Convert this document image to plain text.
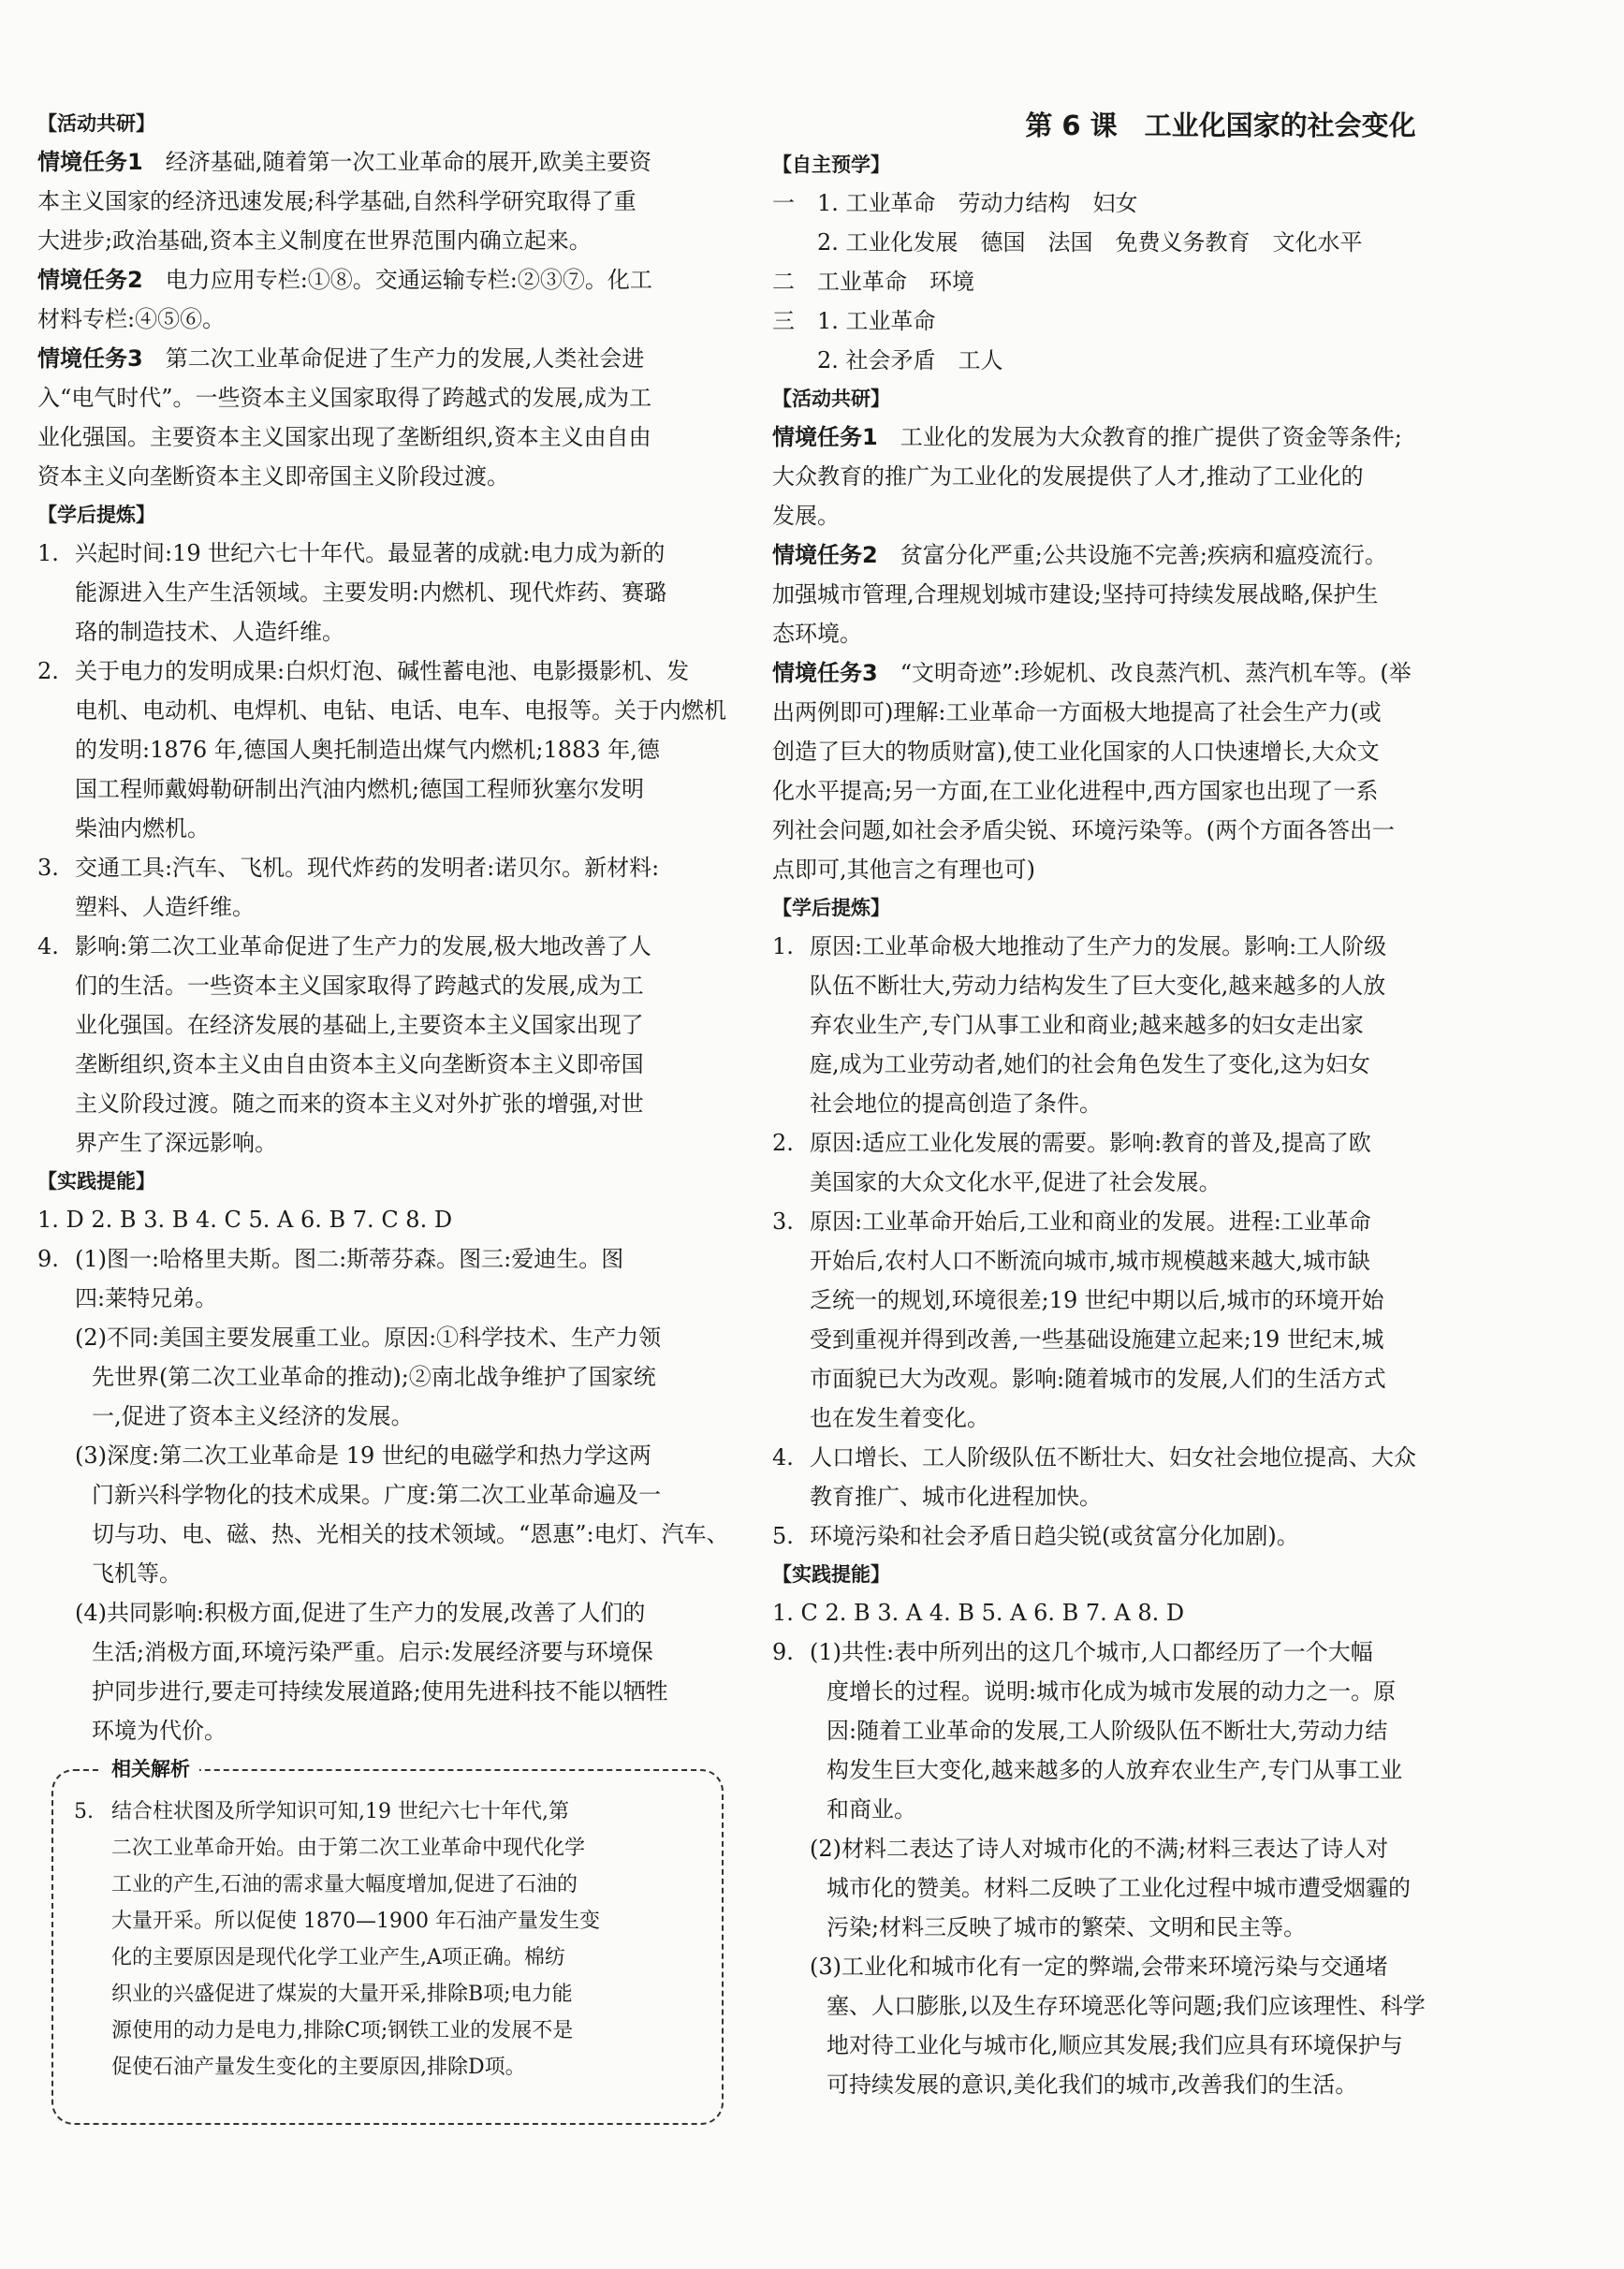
【活动共研】
情境任务1　 经济基础,随着第一次工业革命的展开,欧美主要资
本主义国家的经济迅速发展;科学基础,自然科学研究取得了重
大进步;政治基础,资本主义制度在世界范围内确立起来。
情境任务2　 电力应用专栏:①⑧。交通运输专栏:②③⑦。化工
材料专栏:④⑤⑥。
情境任务3　 第二次工业革命促进了生产力的发展,人类社会进
入“电气时代”。一些资本主义国家取得了跨越式的发展,成为工
业化强国。主要资本主义国家出现了垄断组织,资本主义由自由
资本主义向垄断资本主义即帝国主义阶段过渡。
【学后提炼】
1. 兴起时间:19 世纪六七十年代。最显著的成就:电力成为新的
能源进入生产生活领域。主要发明:内燃机、现代炸药、赛璐
珞的制造技术、人造纤维。
2. 关于电力的发明成果:白炽灯泡、碱性蓄电池、电影摄影机、发
电机、电动机、电焊机、电钻、电话、电车、电报等。关于内燃机
的发明:1876 年,德国人奥托制造出煤气内燃机;1883 年,德
国工程师戴姆勒研制出汽油内燃机;德国工程师狄塞尔发明
柴油内燃机。
3. 交通工具:汽车、飞机。现代炸药的发明者:诺贝尔。新材料:
塑料、人造纤维。
4. 影响:第二次工业革命促进了生产力的发展,极大地改善了人
们的生活。一些资本主义国家取得了跨越式的发展,成为工
业化强国。在经济发展的基础上,主要资本主义国家出现了
垄断组织,资本主义由自由资本主义向垄断资本主义即帝国
主义阶段过渡。随之而来的资本主义对外扩张的增强,对世
界产生了深远影响。
【实践提能】
1. D 2. B 3. B 4. C 5. A 6. B 7. C 8. D
9. (1)图一:哈格里夫斯。图二:斯蒂芬森。图三:爱迪生。图
四:莱特兄弟。
(2)不同:美国主要发展重工业。原因:①科学技术、生产力领
先世界(第二次工业革命的推动);②南北战争维护了国家统
一,促进了资本主义经济的发展。
(3)深度:第二次工业革命是 19 世纪的电磁学和热力学这两
门新兴科学物化的技术成果。广度:第二次工业革命遍及一
切与功、电、磁、热、光相关的技术领域。“恩惠”:电灯、汽车、
飞机等。
(4)共同影响:积极方面,促进了生产力的发展,改善了人们的
生活;消极方面,环境污染严重。启示:发展经济要与环境保
护同步进行,要走可持续发展道路;使用先进科技不能以牺牲
环境为代价。
相关解析
5. 结合柱状图及所学知识可知,19 世纪六七十年代,第
二次工业革命开始。由于第二次工业革命中现代化学
工业的产生,石油的需求量大幅度增加,促进了石油的
大量开采。所以促使 1870—1900 年石油产量发生变
化的主要原因是现代化学工业产生,A项正确。棉纺
织业的兴盛促进了煤炭的大量开采,排除B项;电力能
源使用的动力是电力,排除C项;钢铁工业的发展不是
促使石油产量发生变化的主要原因,排除D项。
第 6 课　工业化国家的社会变化
【自主预学】
一　1. 工业革命　劳动力结构　妇女
　　2. 工业化发展　德国　法国　免费义务教育　文化水平
二　工业革命　环境
三　1. 工业革命
　　2. 社会矛盾　工人
【活动共研】
情境任务1　 工业化的发展为大众教育的推广提供了资金等条件;
大众教育的推广为工业化的发展提供了人才,推动了工业化的
发展。
情境任务2　 贫富分化严重;公共设施不完善;疾病和瘟疫流行。
加强城市管理,合理规划城市建设;坚持可持续发展战略,保护生
态环境。
情境任务3　 “文明奇迹”:珍妮机、改良蒸汽机、蒸汽机车等。(举
出两例即可)理解:工业革命一方面极大地提高了社会生产力(或
创造了巨大的物质财富),使工业化国家的人口快速增长,大众文
化水平提高;另一方面,在工业化进程中,西方国家也出现了一系
列社会问题,如社会矛盾尖锐、环境污染等。(两个方面各答出一
点即可,其他言之有理也可)
【学后提炼】
1. 原因:工业革命极大地推动了生产力的发展。影响:工人阶级
队伍不断壮大,劳动力结构发生了巨大变化,越来越多的人放
弃农业生产,专门从事工业和商业;越来越多的妇女走出家
庭,成为工业劳动者,她们的社会角色发生了变化,这为妇女
社会地位的提高创造了条件。
2. 原因:适应工业化发展的需要。影响:教育的普及,提高了欧
美国家的大众文化水平,促进了社会发展。
3. 原因:工业革命开始后,工业和商业的发展。进程:工业革命
开始后,农村人口不断流向城市,城市规模越来越大,城市缺
乏统一的规划,环境很差;19 世纪中期以后,城市的环境开始
受到重视并得到改善,一些基础设施建立起来;19 世纪末,城
市面貌已大为改观。影响:随着城市的发展,人们的生活方式
也在发生着变化。
4. 人口增长、工人阶级队伍不断壮大、妇女社会地位提高、大众
教育推广、城市化进程加快。
5. 环境污染和社会矛盾日趋尖锐(或贫富分化加剧)。
【实践提能】
1. C 2. B 3. A 4. B 5. A 6. B 7. A 8. D
9. (1)共性:表中所列出的这几个城市,人口都经历了一个大幅
度增长的过程。说明:城市化成为城市发展的动力之一。原
因:随着工业革命的发展,工人阶级队伍不断壮大,劳动力结
构发生巨大变化,越来越多的人放弃农业生产,专门从事工业
和商业。
(2)材料二表达了诗人对城市化的不满;材料三表达了诗人对
城市化的赞美。材料二反映了工业化过程中城市遭受烟霾的
污染;材料三反映了城市的繁荣、文明和民主等。
(3)工业化和城市化有一定的弊端,会带来环境污染与交通堵
塞、人口膨胀,以及生存环境恶化等问题;我们应该理性、科学
地对待工业化与城市化,顺应其发展;我们应具有环境保护与
可持续发展的意识,美化我们的城市,改善我们的生活。
